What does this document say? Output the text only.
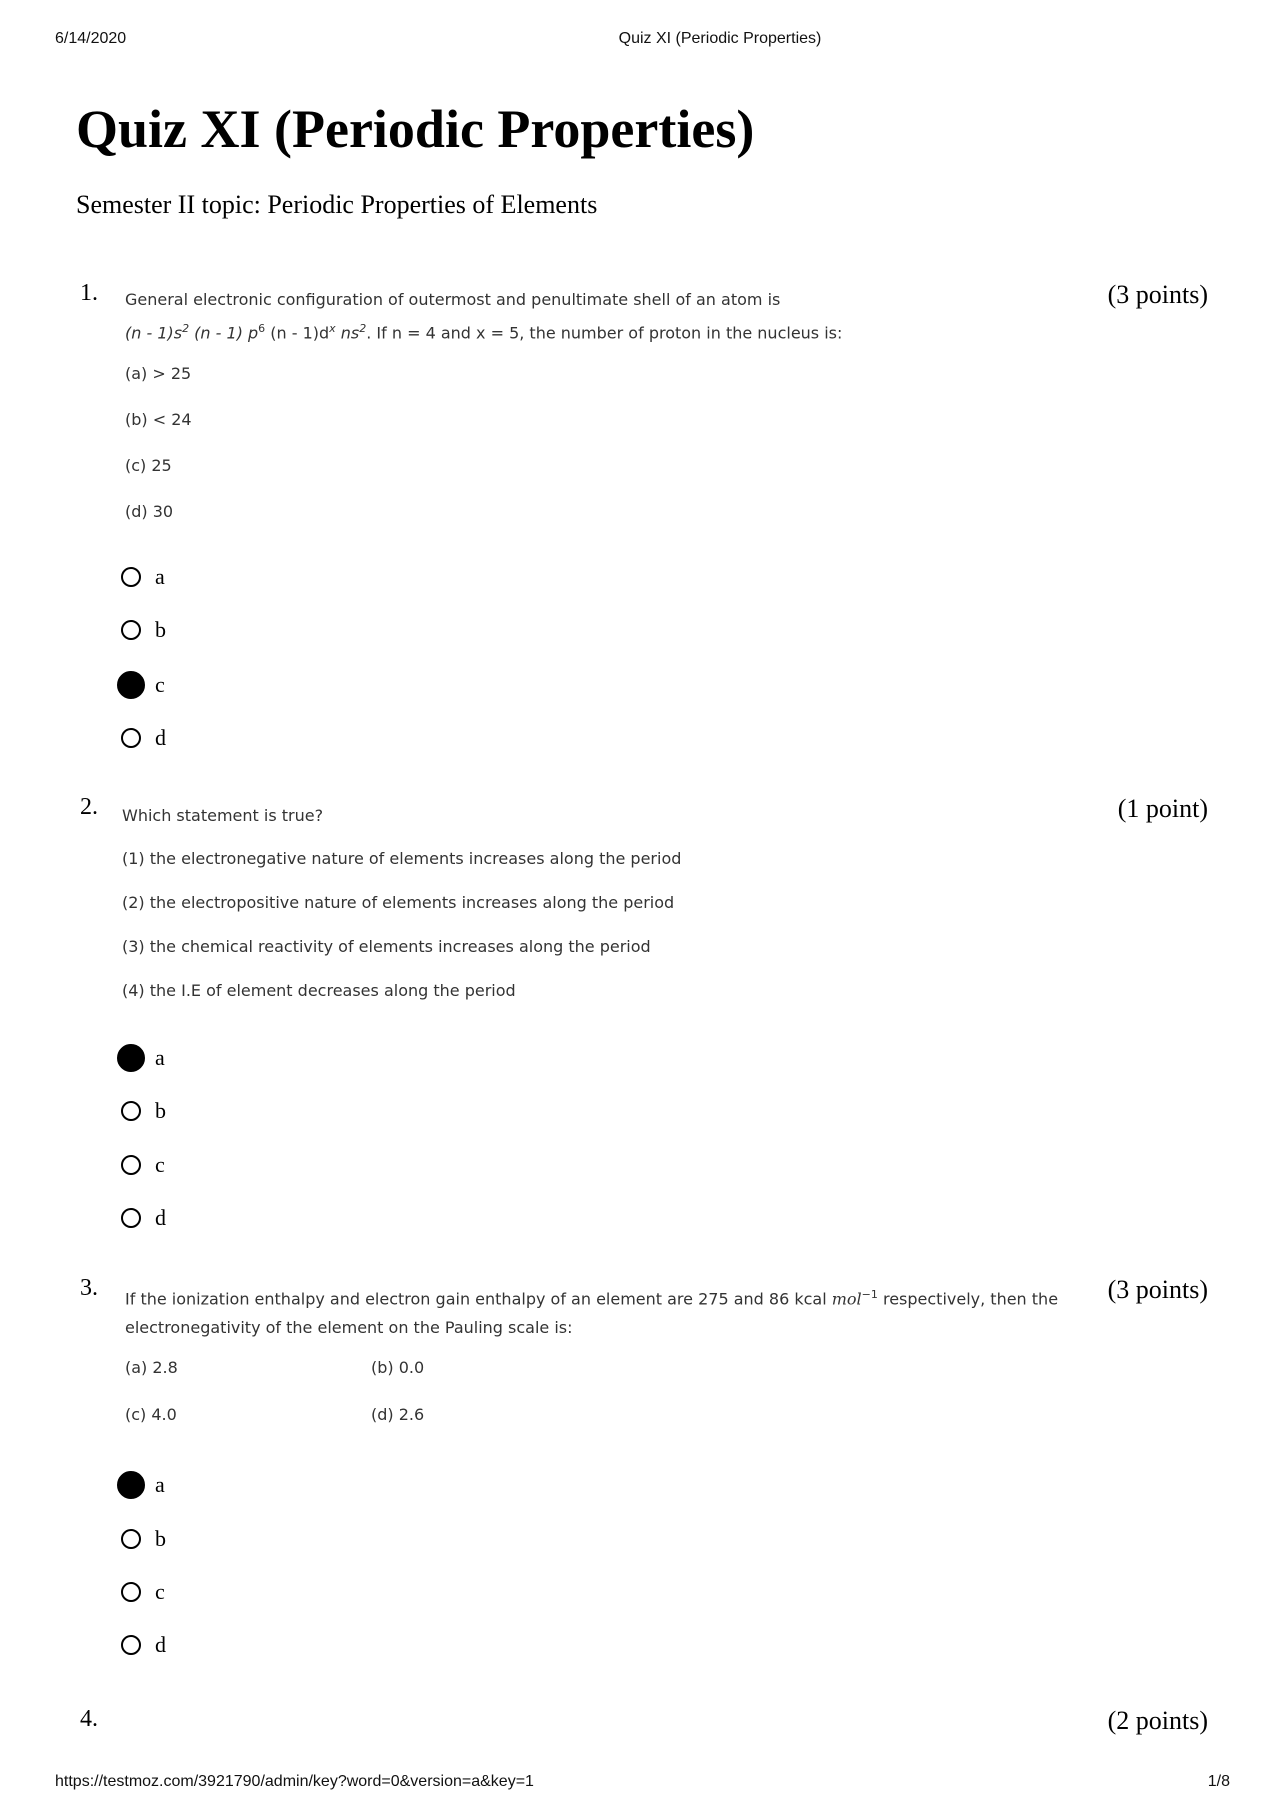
6/14/2020	Quiz XI (Periodic Properties)
Quiz XI (Periodic Properties)
Semester II topic: Periodic Properties of Elements
1.	(3 points)
General electronic configuration of outermost and penultimate shell of an atom is
$(n - 1)s^2$ (n - 1) $p^6$ $(n - 1)d^x$ $ns^2$. If n = 4 and x = 5, the number of proton in the nucleus is:
(a) > 25
(b) < 24
(c) 25
(d) 30
a
b
c
d
2.	(1 point)
Which statement is true?
(1) the electronegative nature of elements increases along the period
(2) the electropositive nature of elements increases along the period
(3) the chemical reactivity of elements increases along the period
(4) the I.E of element decreases along the period
a
b
c
d
3.	(3 points)
If the ionization enthalpy and electron gain enthalpy of an element are 275 and 86 kcal mol$^{-1}$ respectively, then the
electronegativity of the element on the Pauling scale is:
(a) 2.8	(b) 0.0
(c) 4.0	(d) 2.6
a
b
c
d
4.	(2 points)
https://testmoz.com/3921790/admin/key?word=0&version=a&key=1	1/8
